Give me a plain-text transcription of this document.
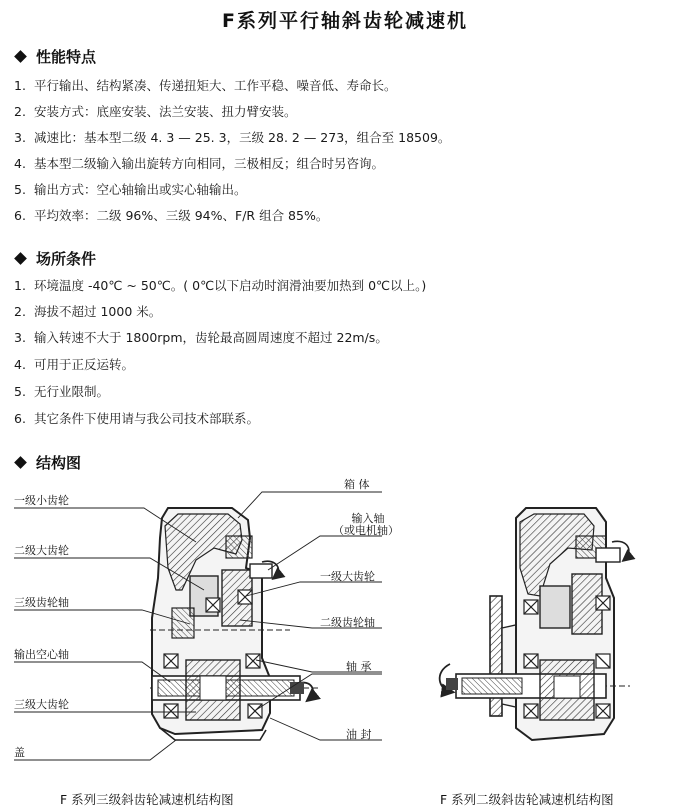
F系列平行轴斜齿轮减速机
性能特点
1. 平行输出、结构紧凑、传递扭矩大、工作平稳、噪音低、寿命长。
2. 安装方式：底座安装、法兰安装、扭力臂安装。
3. 减速比：基本型二级 4. 3 — 25. 3，三级 28. 2 — 273，组合至 18509。
4. 基本型二级输入输出旋转方向相同，三极相反；组合时另咨询。
5. 输出方式：空心轴输出或实心轴输出。
6. 平均效率：二级 96%、三级 94%、F/R 组合 85%。
场所条件
1. 环境温度 -40℃ ~ 50℃。( 0℃以下启动时润滑油要加热到 0℃以上。)
2. 海拔不超过 1000 米。
3. 输入转速不大于 1800rpm，齿轮最高圆周速度不超过 22m/s。
4. 可用于正反运转。
5. 无行业限制。
6. 其它条件下使用请与我公司技术部联系。
结构图
一级小齿轮
二级大齿轮
三级齿轮轴
输出空心轴
三级大齿轮
盖
箱 体
输入轴
（或电机轴）
一级大齿轮
二级齿轮轴
轴 承
油 封
F 系列三级斜齿轮减速机结构图	F 系列二级斜齿轮减速机结构图
